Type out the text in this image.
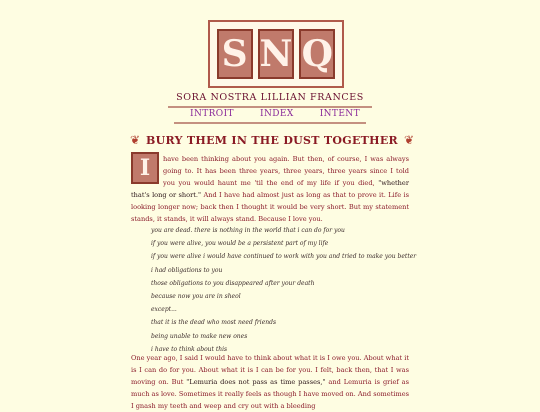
S N Q
SORA NOSTRA LILLIAN FRANCES
INTROIT	INDEX	INTENT
❦ BURY THEM IN THE DUST TOGETHER ❦
I	have been thinking about you again. But then, of course, I was always going to. It has been three years, three years, three years since I told you you would haunt me 'til the end of my life if you died, "whether that's long or short." And I have had almost just as long as that to prove it. Life is looking longer now; back then I thought it would be very short. But my statement stands, it stands, it will always stand. Because I love you.

you are dead. there is nothing in the world that i can do for you
if you were alive, you would be a persistent part of my life
if you were alive i would have continued to work with you and tried to make you better
i had obligations to you
those obligations to you disappeared after your death
because now you are in sheol
except...
that it is the dead who most need friends
being unable to make new ones
i have to think about this

One year ago, I said I would have to think about what it is I owe you. About what it is I can do for you. About what it is I can be for you. I felt, back then, that I was moving on. But "Lemuria does not pass as time passes," and Lemuria is grief as much as love. Sometimes it really feels as though I have moved on. And sometimes I gnash my teeth and weep and cry out with a bleeding
